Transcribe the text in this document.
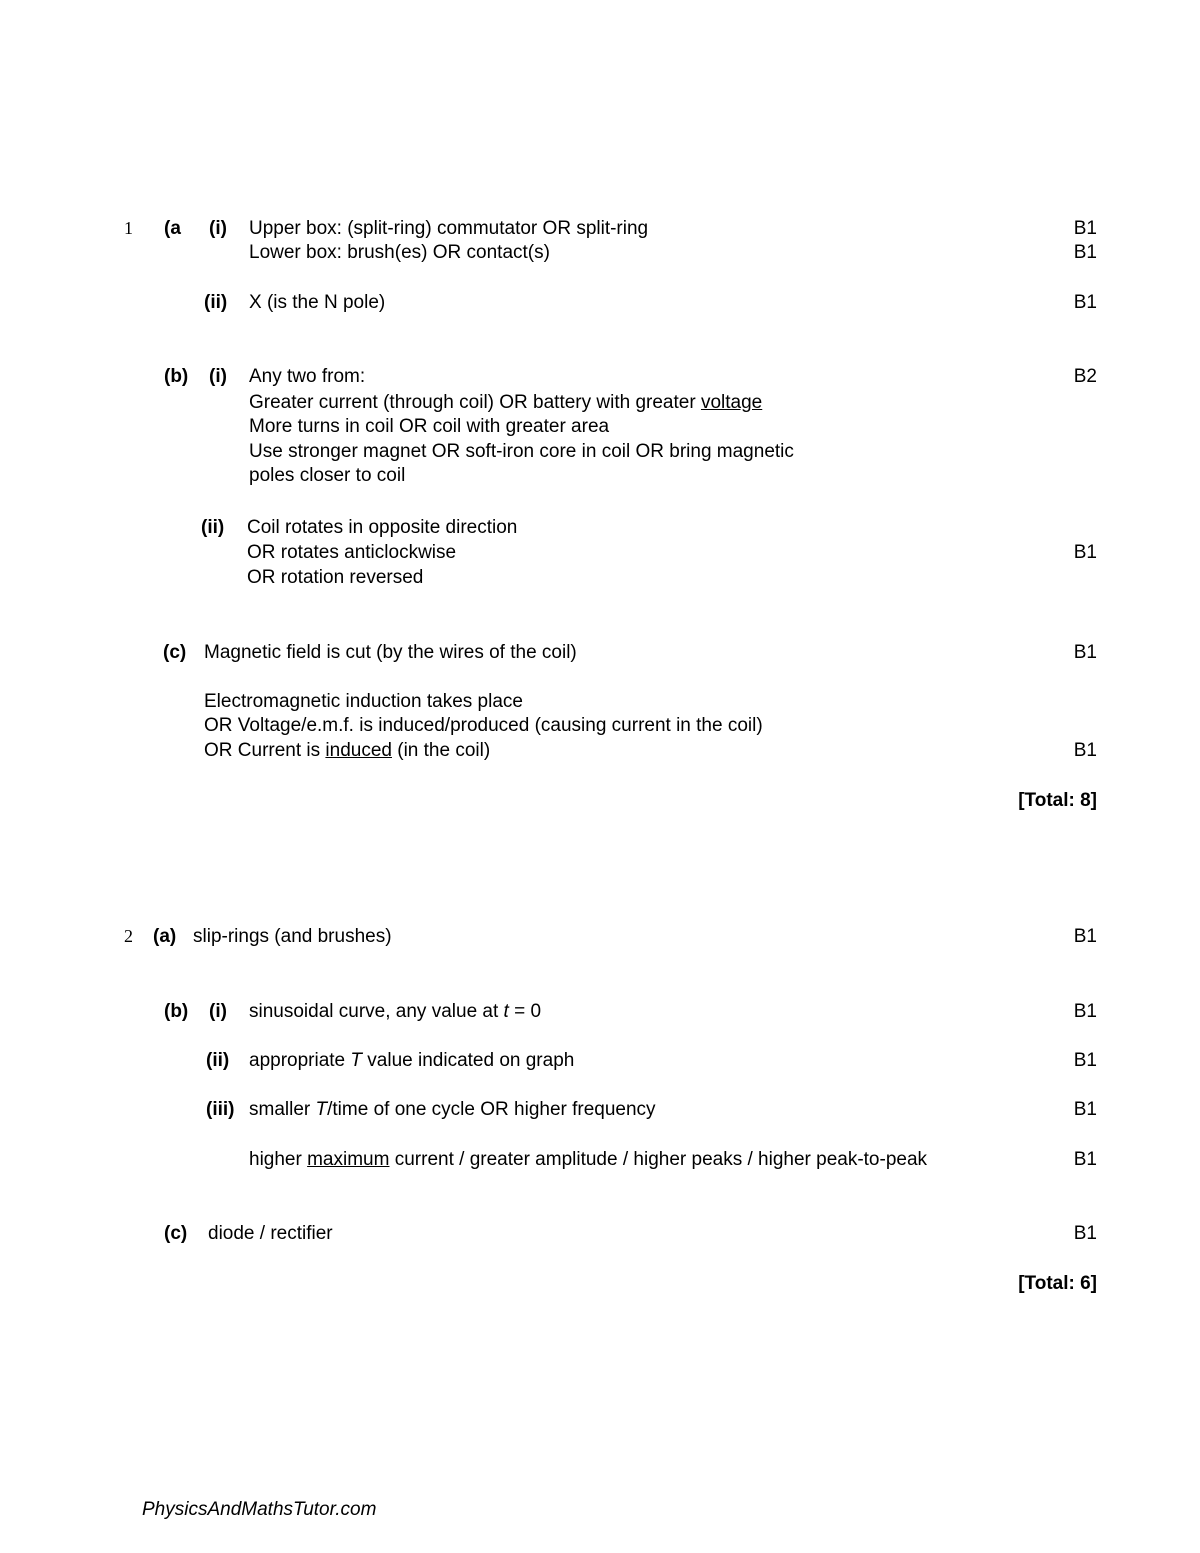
1 (a (i) Upper box: (split-ring) commutator OR split-ring	B1
Lower box: brush(es) OR contact(s)	B1
(ii) X (is the N pole)	B1
(b) (i) Any two from:	B2
Greater current (through coil) OR battery with greater voltage
More turns in coil OR coil with greater area
Use stronger magnet OR soft-iron core in coil OR bring magnetic
poles closer to coil
(ii) Coil rotates in opposite direction
OR rotates anticlockwise	B1
OR rotation reversed
(c) Magnetic field is cut (by the wires of the coil)	B1
Electromagnetic induction takes place
OR Voltage/e.m.f. is induced/produced (causing current in the coil)
OR Current is induced (in the coil)	B1
[Total: 8]
2 (a) slip-rings (and brushes)	B1
(b) (i) sinusoidal curve, any value at t = 0	B1
(ii) appropriate T value indicated on graph	B1
(iii) smaller T/time of one cycle OR higher frequency	B1
higher maximum current / greater amplitude / higher peaks / higher peak-to-peak	B1
(c) diode / rectifier	B1
[Total: 6]
PhysicsAndMathsTutor.com
